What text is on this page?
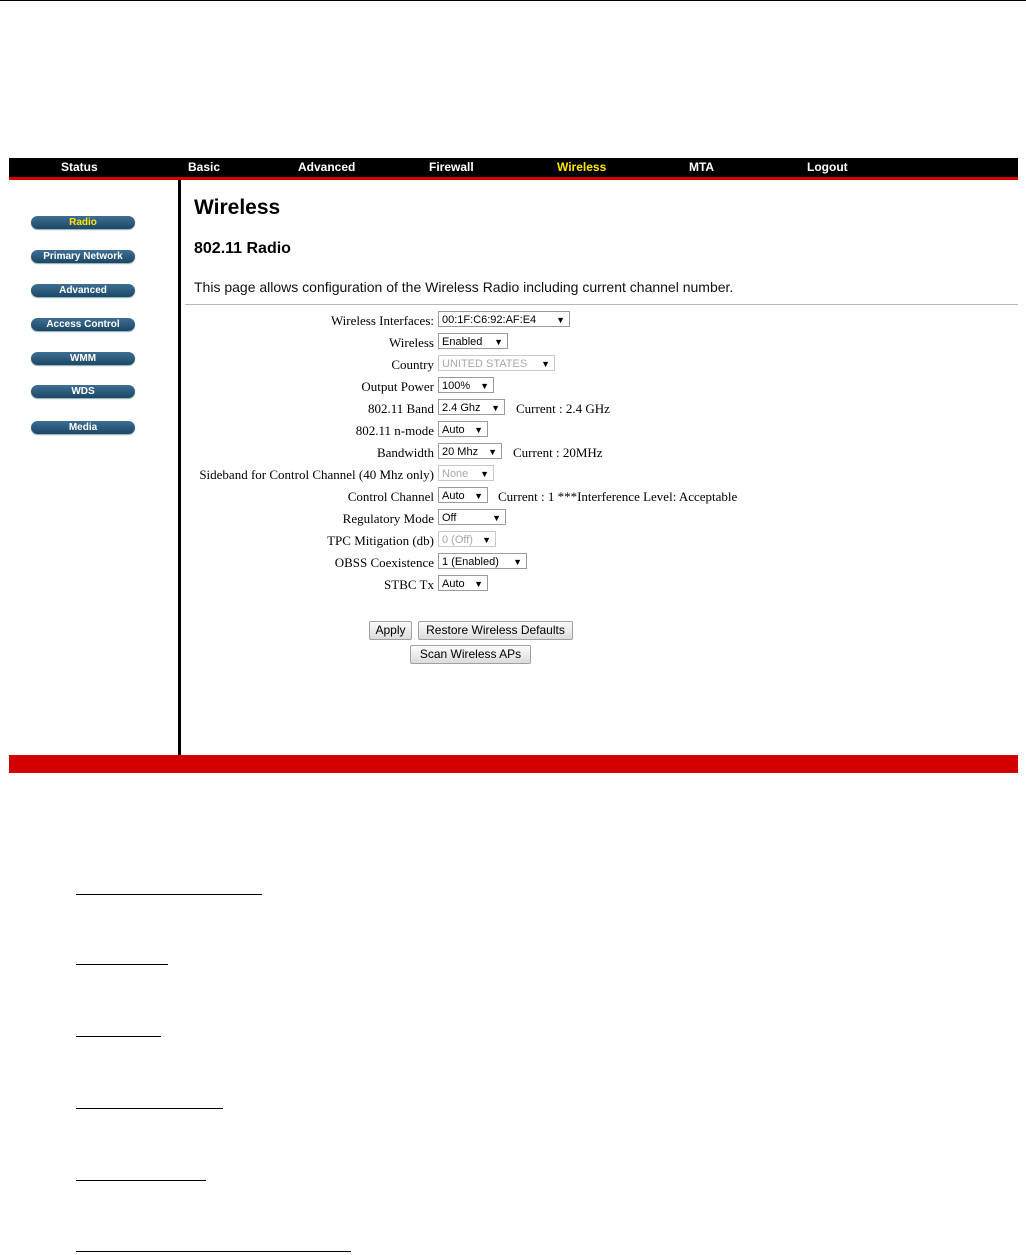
Status	Basic	Advanced	Firewall	Wireless	MTA	Logout
Radio
Primary Network
Advanced
Access Control
WMM
WDS
Media
Wireless
802.11 Radio
This page allows configuration of the Wireless Radio including current channel number.
Wireless Interfaces: 00:1F:C6:92:AF:E4 ▼
Wireless Enabled ▼
Country UNITED STATES ▼
Output Power 100% ▼
802.11 Band 2.4 Ghz ▼ Current : 2.4 GHz
802.11 n-mode Auto ▼
Bandwidth 20 Mhz ▼ Current : 20MHz
Sideband for Control Channel (40 Mhz only) None ▼
Control Channel Auto ▼ Current : 1 ***Interference Level: Acceptable
Regulatory Mode Off	▼
TPC Mitigation (db) 0 (Off) ▼
OBSS Coexistence 1 (Enabled) ▼
STBC Tx Auto ▼
Apply	Restore Wireless Defaults
Scan Wireless APs
